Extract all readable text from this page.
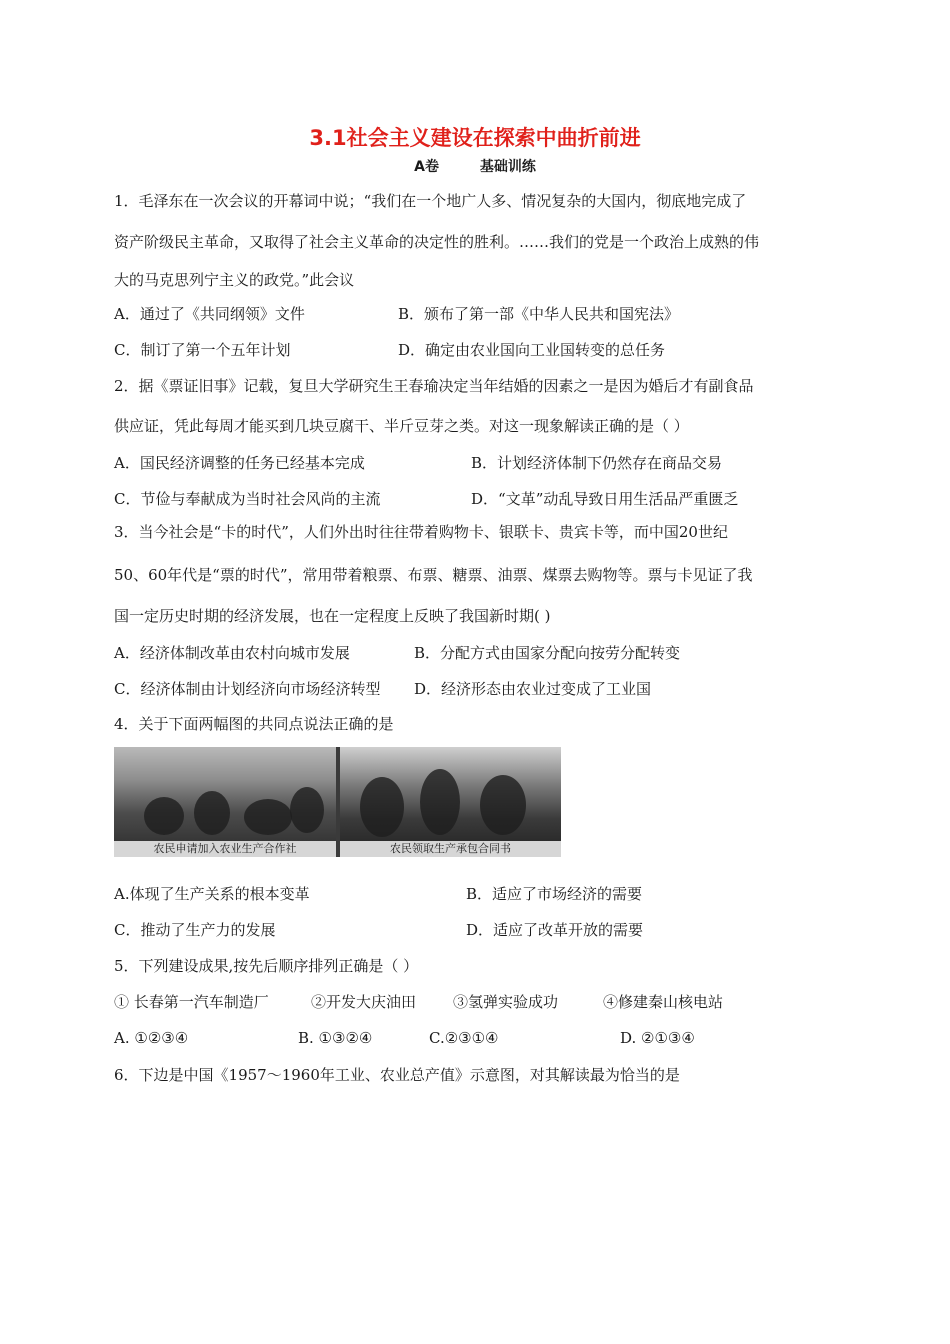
3.1社会主义建设在探索中曲折前进
A卷	基础训练
1．毛泽东在一次会议的开幕词中说；“我们在一个地广人多、情况复杂的大国内，彻底地完成了
资产阶级民主革命，又取得了社会主义革命的决定性的胜利。……我们的党是一个政治上成熟的伟
大的马克思列宁主义的政党。”此会议
A．通过了《共同纲领》文件	B．颁布了第一部《中华人民共和国宪法》
C．制订了第一个五年计划	D．确定由农业国向工业国转变的总任务
2．据《票证旧事》记载，复旦大学研究生王春瑜决定当年结婚的因素之一是因为婚后才有副食品
供应证，凭此每周才能买到几块豆腐干、半斤豆芽之类。对这一现象解读正确的是（ ）
A．国民经济调整的任务已经基本完成	B．计划经济体制下仍然存在商品交易
C．节俭与奉献成为当时社会风尚的主流	D．“文革”动乱导致日用生活品严重匮乏
3．当今社会是“卡的时代”，人们外出时往往带着购物卡、银联卡、贵宾卡等，而中国20世纪
50、60年代是“票的时代”，常用带着粮票、布票、糖票、油票、煤票去购物等。票与卡见证了我
国一定历史时期的经济发展，也在一定程度上反映了我国新时期( )
A．经济体制改革由农村向城市发展	B．分配方式由国家分配向按劳分配转变
C．经济体制由计划经济向市场经济转型 D．经济形态由农业过变成了工业国
4．关于下面两幅图的共同点说法正确的是
农民申请加入农业生产合作社	农民领取生产承包合同书
A.体现了生产关系的根本变革	B．适应了市场经济的需要
C．推动了生产力的发展	D．适应了改革开放的需要
5．下列建设成果,按先后顺序排列正确是（ ）
① 长春第一汽车制造厂	②开发大庆油田 ③氢弹实验成功	④修建秦山核电站
A. ①②③④	B. ①③②④	C.②③①④	D. ②①③④
6．下边是中国《1957～1960年工业、农业总产值》示意图，对其解读最为恰当的是
